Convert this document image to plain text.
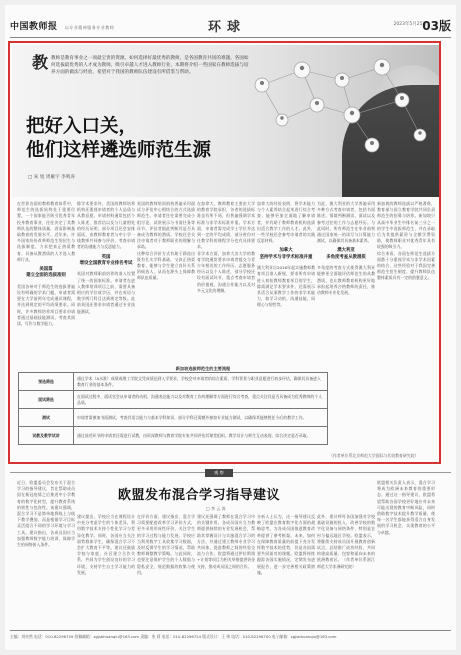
中国教师报 以专业精神服务专业教师	环球	2023年5月25日
03版
教教师是教育事业之一项最宝贵的资源。如何选择好最优秀的教师，是各国教育共同的难题。各国如何选拔最优秀的人才成为教师，吸引卓越人才进入教师行业，本期将介绍一些国家在教师选拔与培养方面的做法与经验，希望对于我国的教师队伍建设有所借鉴与帮助。
把好入口关，
他们这样遴选师范生源
□ 朱 旭 周雁宇 李鸣涛
在世界各国的教师教育体系中，师范生的选拔始终处于重要位置。一个国家能否吸引优秀青年投身教育事业，往往决定了其教师队伍的整体质量，进而影响基础教育的发展水平。近年来，许多国家纷纷改革师范生的招生与选拔制度，力求把真正热爱教育、具备从教潜质的人才选入教师行业。
美国篇
建立全面的选拔准则
美国各州对于师范生的选拔普遍设有明确的学术门槛，申请者需要在大学前两年完成通识课程，并达到规定的平均成绩要求。同时，许多教师培养项目要求申请者通过基础技能测试，考查其阅读、写作与数学能力。
除学术要求外，美国的教师培养机构还重视申请者的个人品质与从教意愿。申请材料通常包括个人陈述、推荐信以及与儿童相处的经历证明，部分项目还会安排面试，由教师教育者与中小学一线教师共同参与评价，考查申请者的沟通能力与反思能力。
英国
增设全国教育专业排名考试
英国对教师职前培养的准入设置了统一的国家标准。申请者在进入教师培训项目之前，需要具备相应的学位或学历，并在英语与数学两门科目达到规定等级。此前英国还要求申请者通过专业技能测试。
英国的教师培训机构普遍采用面试与评估中心相结合的方式选拔师范生。申请者往往需要完成小组讨论、试讲展示与书面任务等环节，评估者据此判断其是否具备成为教师的潜质。学校还会关注申请者对于教师职业的理解与承诺。
这种综合评价方式有助于筛选出既有扎实学科基础，又真正热爱教育、能够与学生建立良好关系的候选人，从而在源头上保障教师队伍质量。
在加拿大，教师教育主要由大学的教育学院承担，各省的选拔标准虽有所不同，但普遍强调学术标准与非学术标准并重。学术方面，申请者需完成学士学位并达到一定的平均成绩，部分省份对任教学科的课程学分也有具体要求。
非学术方面，加拿大各大学的教育学院通常要求申请者提交与青少年相处的工作经历、志愿服务经历以及个人陈述，部分学校还设有面试环节，重点考查申请者的价值观、沟通合作能力以及对多元文化的理解。
加拿大的经验表明，将学术能力与个人素养结合起来进行综合考查，能够更加全面地了解申请者，并有助于教师教育机构选拔出适合教学工作的人才。此外，一些学校还会参考申请者的实践反思材料。
加拿大
坚持学术与非学术标准并重
澳大利亚自2016年起实施教师教育项目准入新规，要求所有申请进入初始教师教育项目的学生，除需满足学术要求外，还需展示其适合从事教学工作的非学术能力，如学习动机、沟通技能、同理心与韧性等。
为此，澳大利亚的大学普遍采用多种方式考查申请者，包括书面陈述、情境判断测试、面试以及参考过往的工作与志愿经历。与此同时，所有师范生在毕业前须通过国家统一的读写与计算能力测试，以确保其具备基本素养。
澳大利亚
多角度考查从教潜质
多角度的考查方式使得澳大利亚能够更全面地评估师范生的从教潜质，也让教师教育机构更好地承担起培养合格教师的责任，推动教师专业化发展。
新加坡的教师选拔以严格著称，教育部与国立教育学院共同负责师范生的招募与培养。新加坡只从高中毕业生中排名前三分之一的学生中选拔师范生，并在录取后为其提供薪资与全额学费资助，使教师职业对优秀青年具有较强的吸引力。
综合来看，各国在师范生选拔方面都十分重视学术与非学术因素的结合，这些经验对于我国完善师范生招生制度、提升教师队伍整体素质具有一定的借鉴意义。
新加坡选拔师范生的主要流程
预选筛选	通过学术（A水准）成绩或理工学院文凭成绩达到入学要求，学校会对申请者的综合素质、学科背景与职业意愿进行初步评估，确保其具备进入教育行业的基本条件。
面试筛选	在面试过程中，面试官会从申请者的动机、沟通表达能力以及对教育工作的理解等方面进行综合考查，重点关注其是否具备成为优秀教师的个人品质。
测试	申请者需参加书面测试，考查其语言能力与基本学科知识，部分学科还需额外参加专业能力测试，以确保其能够胜任今后的教学工作。
试教及教学试讲	通过前述环节的申请者还需进行试教，由资深教师与教育学院专家共同评估其课堂组织、教学设计与师生互动表现，综合决定是否录取。
（作者单位系北京师范大学国际与比较教育研究院）
观 察
欧盟发布混合学习指导建议
□ 李 云 涛
近日，欧盟委员会发布关于混合学习的指导建议，旨在帮助成员国在新冠疫情之后推进中小学教育的数字化转型，提升教育系统的韧性与包容性。该建议强调，混合学习不是简单地将线上与线下教学叠加，而是根据学习目标灵活组合不同的学习环境与学习工具。建议指出，各成员国应当加强教师数字能力培训，保障学生的网络接入条件。
建议提出，学校应当在课程设计中充分考虑学生的个体差异，利用数字技术支持个性化学习与差异化教学。同时，各国应当关注弱势群体学生，确保混合学习不会扩大教育不平等。建议还鼓励学校与家庭、社区建立合作关系，共同为学生创设良好的学习环境，支持学生自主学习能力的发展。
在评价方面，建议指出，混合学习需要配套改革学习评价方式，更多采用形成性评价，关注学生的学习过程与能力发展。学校应当利用数字工具收集学习数据，及时反馈学生的学习情况，帮助教师调整教学策略。与此同时，也要注意保护学生的个人数据与隐私安全，规范数据的收集与使用。
建议还强调了教师在混合学习中的关键作用。各成员国应当为教师提供持续的专业发展机会，帮助其掌握设计与实施混合学习的方法，并通过建立教师专业学习共同体，促进教师之间的经验交流与合作。欧盟将通过伊拉斯谟+计划等项目为相关举措提供资金支持，推动成员国之间的合作。
分析人士认为，这一指导建议反映了欧盟在教育数字化方面的战略思考，为各成员国推进教育改革提供了参考框架。未来，如何在保障教育质量的前提下充分发挥数字技术的优势，仍是各国需要共同面对的课题。欧盟将持续跟踪各国实施情况，定期发布进展报告，进一步完善相关政策措施。
此外，建议呼吁各国加强对学校基础设施的投入，改善学校的数字化设备与网络条件，特别是农村与偏远地区学校。欧盟表示，将继续支持成员国开展教育创新试点，总结推广成功经验，共同构建高质量、包容和面向未来的欧洲教育区。（作者单位系浙江师范大学非洲研究院）
欧盟相关负责人表示，混合学习将成为欧洲未来教育的重要形态。通过这一指导建议，欧盟希望帮助各国学校更好地应对未来可能出现的教育中断风险，同时借助数字技术提升教学质量，使每一名学生都能获得适合自身发展的学习机会，实现教育的公平与卓越。
主编：刘亦然 电话：010-82296759 投稿邮箱：zgjsbhuanqiu@163.com 责编：张 莉 电话：010-82296724 版式设计：王 伟 电话：010-82296700 电子邮箱：zgjsbhuanqiu@163.com
